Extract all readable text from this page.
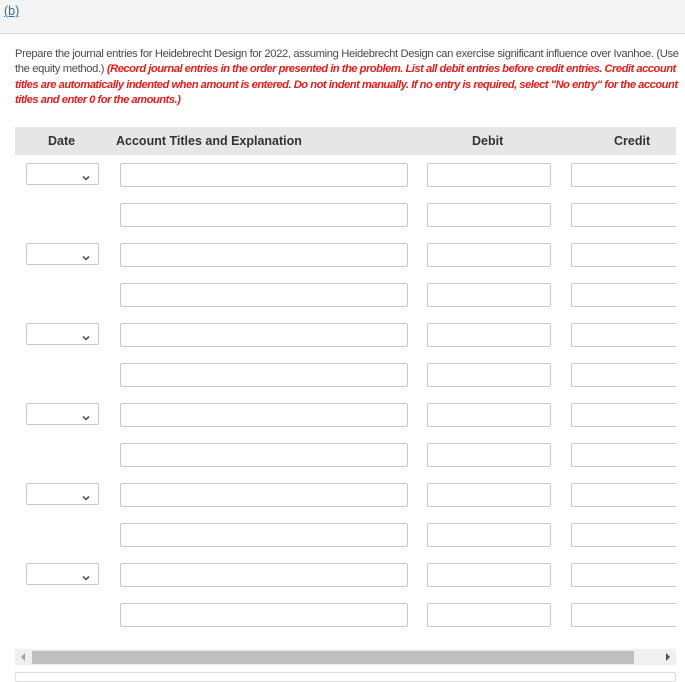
(b)
Prepare the journal entries for Heidebrecht Design for 2022, assuming Heidebrecht Design can exercise significant influence over Ivanhoe. (Use the equity method.) (Record journal entries in the order presented in the problem. List all debit entries before credit entries. Credit account titles are automatically indented when amount is entered. Do not indent manually. If no entry is required, select "No entry" for the account titles and enter 0 for the amounts.)
Date	Account Titles and Explanation	Debit	Credit
